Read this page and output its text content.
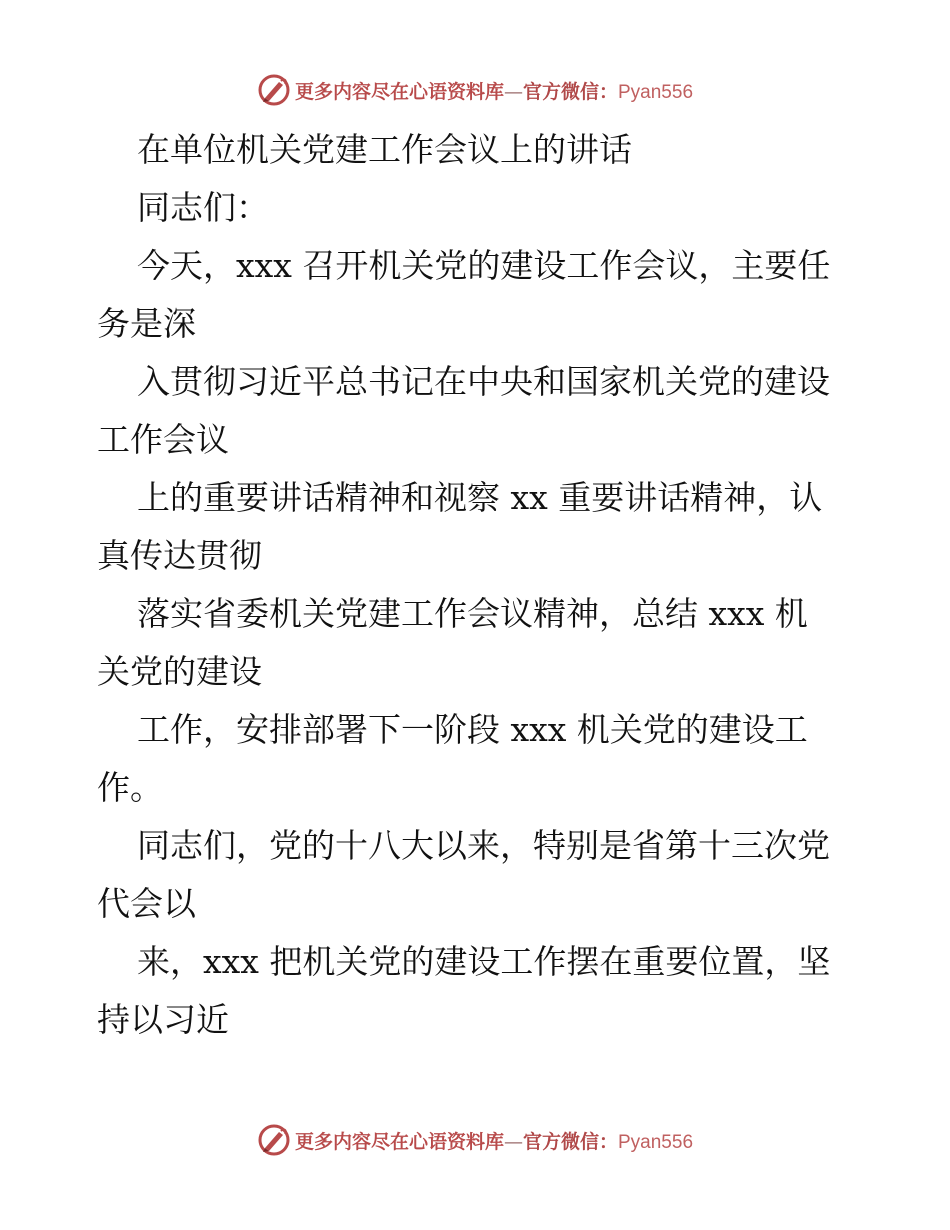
更多内容尽在心语资料库—官方微信：Pyan556
在单位机关党建工作会议上的讲话
同志们：
今天，xxx 召开机关党的建设工作会议，主要任
务是深
入贯彻习近平总书记在中央和国家机关党的建设
工作会议
上的重要讲话精神和视察 xx 重要讲话精神，认
真传达贯彻
落实省委机关党建工作会议精神，总结 xxx 机
关党的建设
工作，安排部署下一阶段 xxx 机关党的建设工
作。
同志们，党的十八大以来，特别是省第十三次党
代会以
来，xxx 把机关党的建设工作摆在重要位置，坚
持以习近
更多内容尽在心语资料库—官方微信：Pyan556
